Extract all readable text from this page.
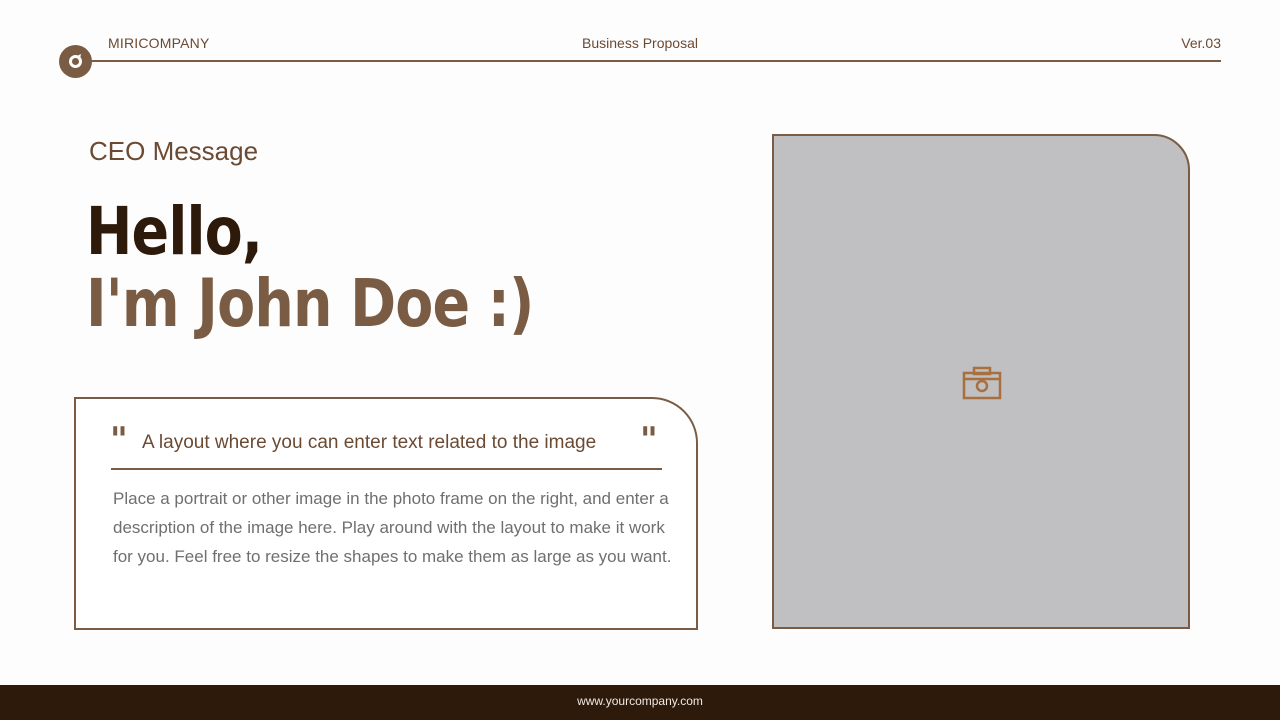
MIRICOMPANY	Business Proposal	Ver.03
CEO Message
Hello,
I'm John Doe :)
" A layout where you can enter text related to the image "
Place a portrait or other image in the photo frame on the right, and enter a description of the image here. Play around with the layout to make it work for you. Feel free to resize the shapes to make them as large as you want.
www.yourcompany.com
